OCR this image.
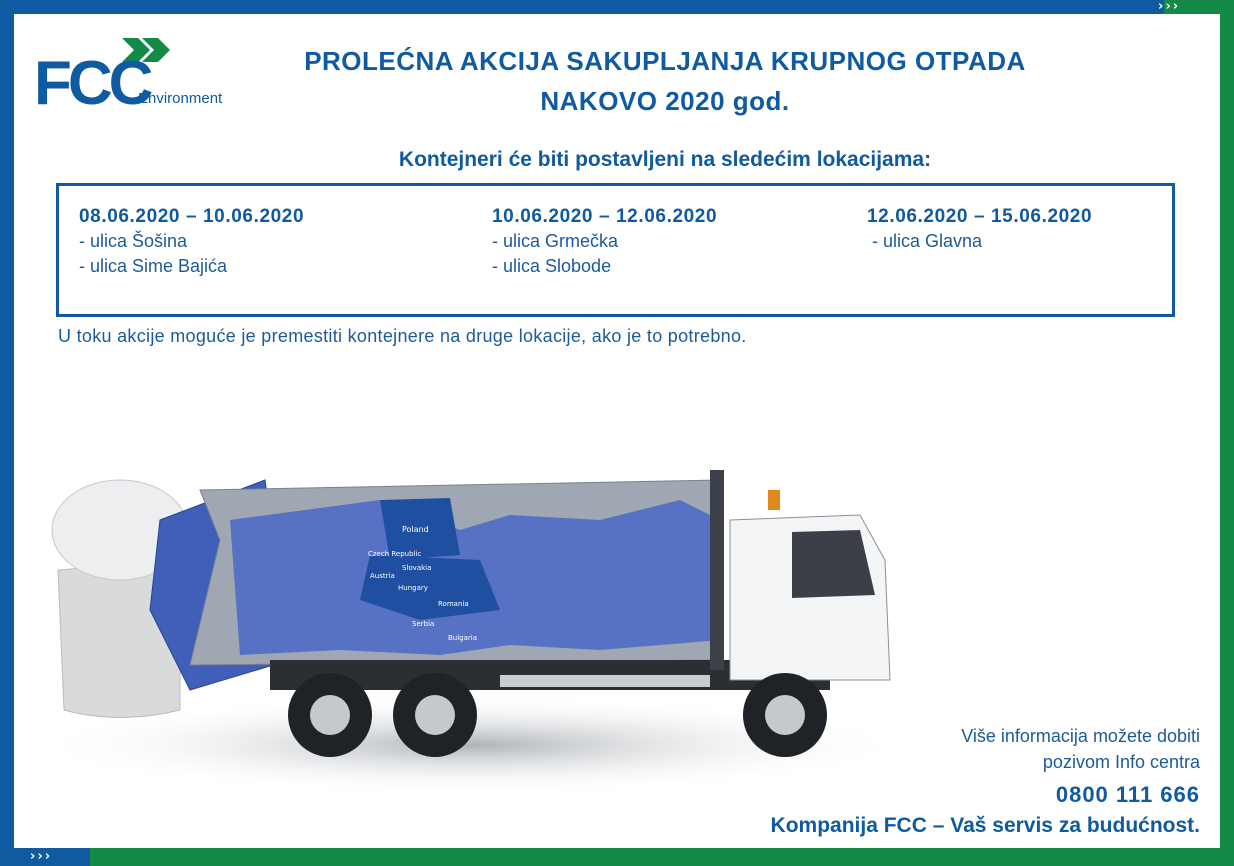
›››
›››
FCC
Environment
PROLEĆNA AKCIJA SAKUPLJANJA KRUPNOG OTPADA
NAKOVO 2020 god.
Kontejneri će biti postavljeni na sledećim lokacijama:
08.06.2020 – 10.06.2020
- ulica Šošina
- ulica Sime Bajića
10.06.2020 – 12.06.2020
- ulica Grmečka
- ulica Slobode
12.06.2020 – 15.06.2020
- ulica Glavna
U toku akcije moguće je premestiti kontejnere na druge lokacije, ako je to potrebno.
Poland
Czech Republic
Slovakia
Austria
Hungary
Romania
Serbia
Bulgaria
Više informacija možete dobiti
pozivom Info centra
0800 111 666
Kompanija FCC – Vaš servis za budućnost.
